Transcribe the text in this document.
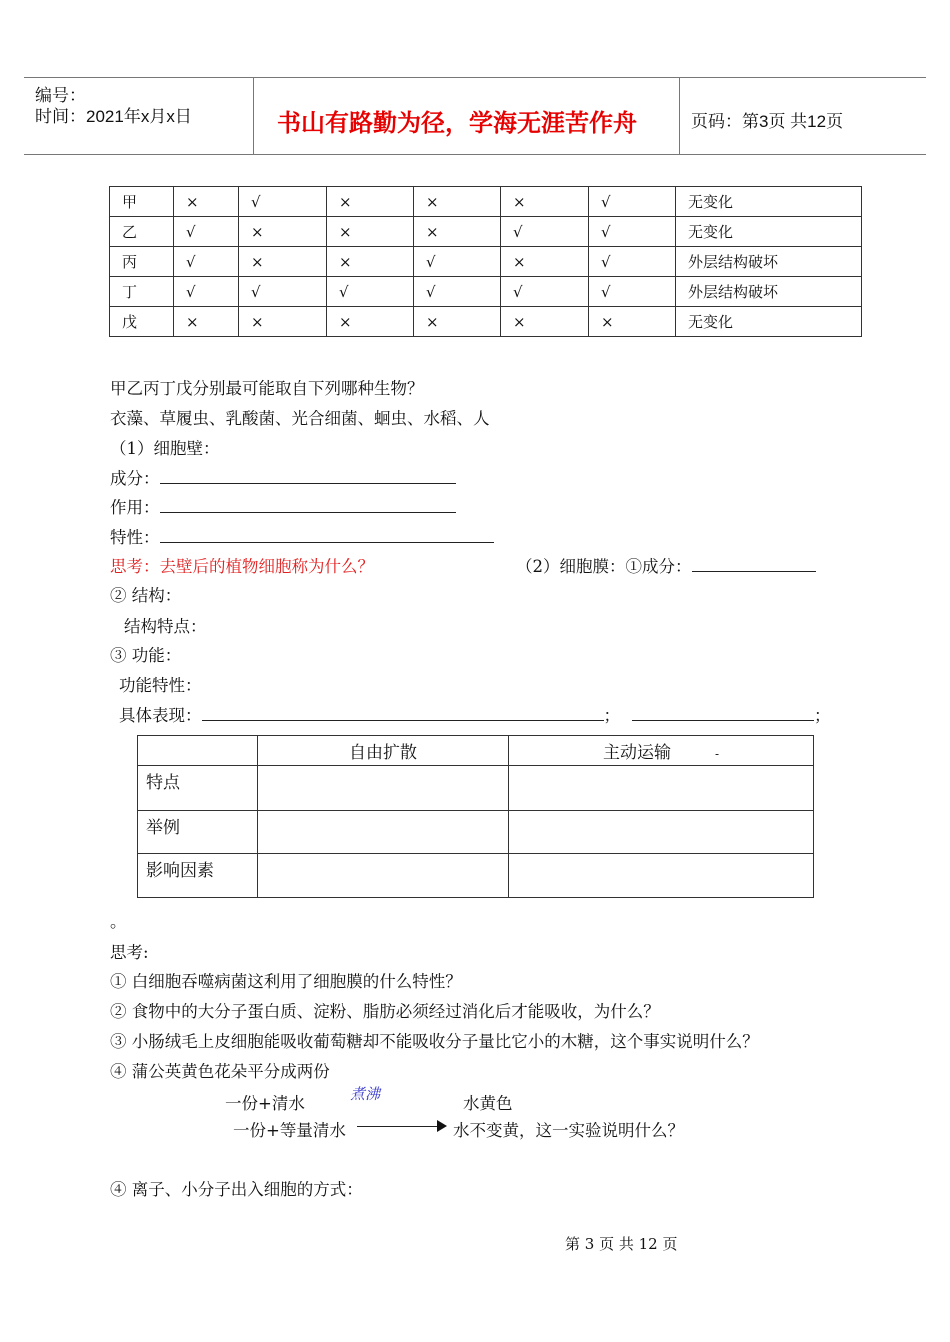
编号：
时间：2021年x月x日	书山有路勤为径，学海无涯苦作舟	页码：第3页 共12页
甲	×	√	×	×	×	√	无变化
乙	√	×	×	×	√	√	无变化
丙	√	×	×	√	×	√	外层结构破坏
丁	√	√	√	√	√	√	外层结构破坏
戊	×	×	×	×	×	×	无变化
甲乙丙丁戊分别最可能取自下列哪种生物？
衣藻、草履虫、乳酸菌、光合细菌、蛔虫、水稻、人
（1）细胞壁：
成分：
作用：
特性：
思考：去壁后的植物细胞称为什么？	（2）细胞膜：①成分：
② 结构：
结构特点：
③ 功能：
功能特性：
具体表现：	；	；
	自由扩散	主动运输 -
特点		
举例		
影响因素		
。
思考:
① 白细胞吞噬病菌这利用了细胞膜的什么特性？
② 食物中的大分子蛋白质、淀粉、脂肪必须经过消化后才能吸收，为什么？
③ 小肠绒毛上皮细胞能吸收葡萄糖却不能吸收分子量比它小的木糖，这个事实说明什么？
④ 蒲公英黄色花朵平分成两份
一份+清水	煮沸	水黄色
一份+等量清水	水不变黄，这一实验说明什么？
④ 离子、小分子出入细胞的方式：
第 3 页 共 12 页
